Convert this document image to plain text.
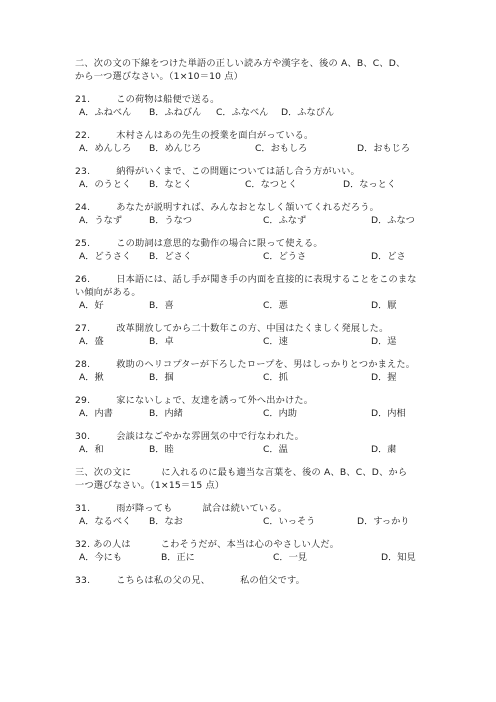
二、次の文の下線をつけた単語の正しい読み方や漢字を、後の A、B、C、D、
から一つ選びなさい。（1×10＝10 点）
21.	この荷物は船便で送る。
A．ふねべん B．ふねびん C．ふなべん D．ふなびん
22.	木村さんはあの先生の授業を面白がっている。
A．めんしろ B．めんじろ	C．おもしろ	D．おもじろ
23.	納得がいくまで、この問題については話し合う方がいい。
A．のうとく B．なとく	C．なつとく	D．なっとく
24.	あなたが説明すれば、みんなおとなしく頷いてくれるだろう。
A．うなず	B．うなつ	C．ふなず	D．ふなつ
25.	この助詞は意思的な動作の場合に限って使える。
A．どうさく B．どさく	C．どうさ	D．どさ
26.	日本語には、話し手が聞き手の内面を直接的に表現することをこのまな
い傾向がある。
A．好	B．喜	C．悪	D．厭
27.	改革開放してから二十数年この方、中国はたくましく発展した。
A．盛	B．卓	C．速	D．逞
28.	救助のヘリコプターが下ろしたロープを、男はしっかりとつかまえた。
A．揪	B．掴	C．抓	D．握
29.	家にないしょで、友達を誘って外へ出かけた。
A．内書	B．内緒	C．内助	D．内相
30.	会談はなごやかな雰囲気の中で行なわれた。
A．和	B．睦	C．温	D．粛
三、次の文に	に入れるのに最も適当な言葉を、後の A、B、C、D、から
一つ選びなさい。（1×15＝15 点）
31.	雨が降っても	試合は続いている。
A．なるべく B．なお	C．いっそう	D．すっかり
32. あの人は	こわそうだが、本当は心のやさしい人だ。
A．今にも	B．正に	C．一見	D．知見
33.	こちらは私の父の兄、	私の伯父です。
